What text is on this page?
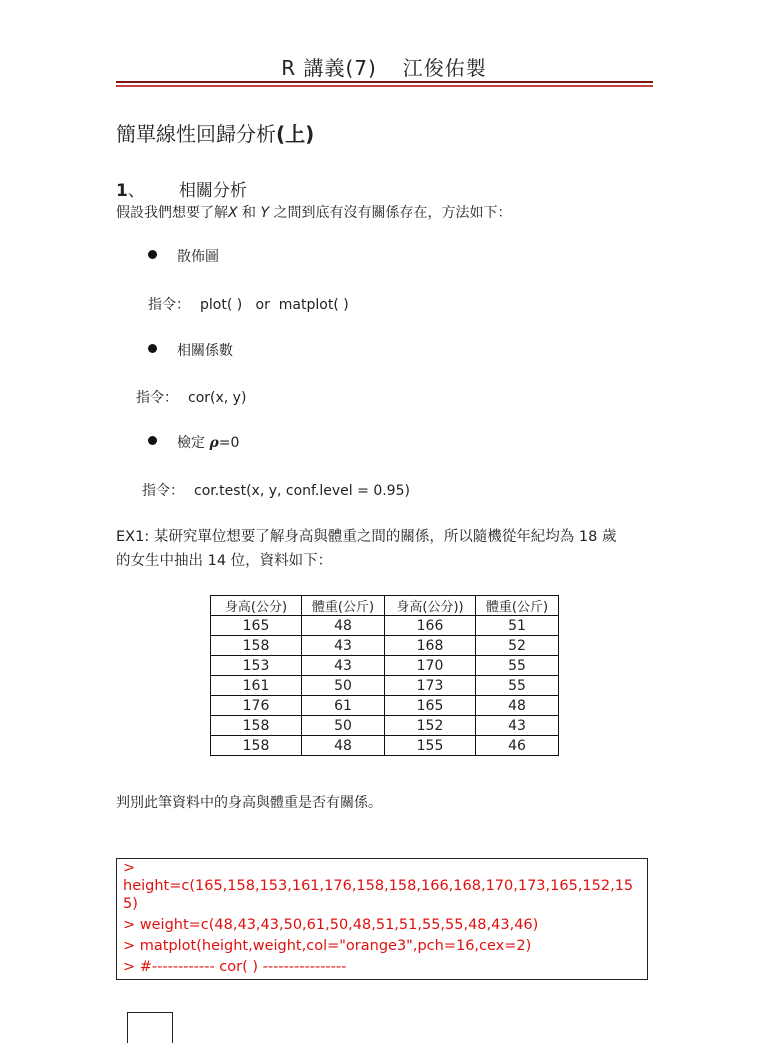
R 講義(7) 江俊佑製
簡單線性回歸分析(上)
1、 相關分析
假設我們想要了解X 和 Y 之間到底有沒有關係存在，方法如下：
散佈圖
指令： plot( )   or  matplot( )
相關係數
指令： cor(x, y)
檢定 ρ=0
指令： cor.test(x, y, conf.level = 0.95)
EX1: 某研究單位想要了解身高與體重之間的關係，所以隨機從年紀均為 18 歲
的女生中抽出 14 位，資料如下：
身高(公分)	體重(公斤)	身高(公分))	體重(公斤)
165	48	166	51
158	43	168	52
153	43	170	55
161	50	173	55
176	61	165	48
158	50	152	43
158	48	155	46
判別此筆資料中的身高與體重是否有關係。
>
height=c(165,158,153,161,176,158,158,166,168,170,173,165,152,155)
> weight=c(48,43,43,50,61,50,48,51,51,55,55,48,43,46)
> matplot(height,weight,col="orange3",pch=16,cex=2)
> #------------ cor( ) ----------------
